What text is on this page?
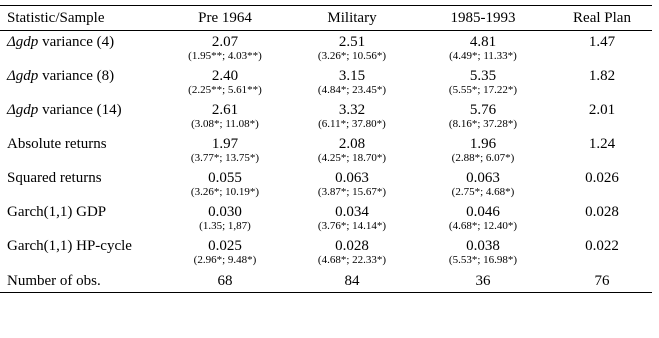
Statistic/Sample	Pre 1964	Military	1985-1993	Real Plan
Δgdp variance (4)	2.07	2.51	4.81	1.47
	(1.95**; 4.03**)	(3.26*; 10.56*)	(4.49*; 11.33*)	
Δgdp variance (8)	2.40	3.15	5.35	1.82
	(2.25**; 5.61**)	(4.84*; 23.45*)	(5.55*; 17.22*)	
Δgdp variance (14)	2.61	3.32	5.76	2.01
	(3.08*; 11.08*)	(6.11*; 37.80*)	(8.16*; 37.28*)	
Absolute returns	1.97	2.08	1.96	1.24
	(3.77*; 13.75*)	(4.25*; 18.70*)	(2.88*; 6.07*)	
Squared returns	0.055	0.063	0.063	0.026
	(3.26*; 10.19*)	(3.87*; 15.67*)	(2.75*; 4.68*)	
Garch(1,1) GDP	0.030	0.034	0.046	0.028
	(1.35; 1,87)	(3.76*; 14.14*)	(4.68*; 12.40*)	
Garch(1,1) HP-cycle	0.025	0.028	0.038	0.022
	(2.96*; 9.48*)	(4.68*; 22.33*)	(5.53*; 16.98*)	
Number of obs.	68	84	36	76
